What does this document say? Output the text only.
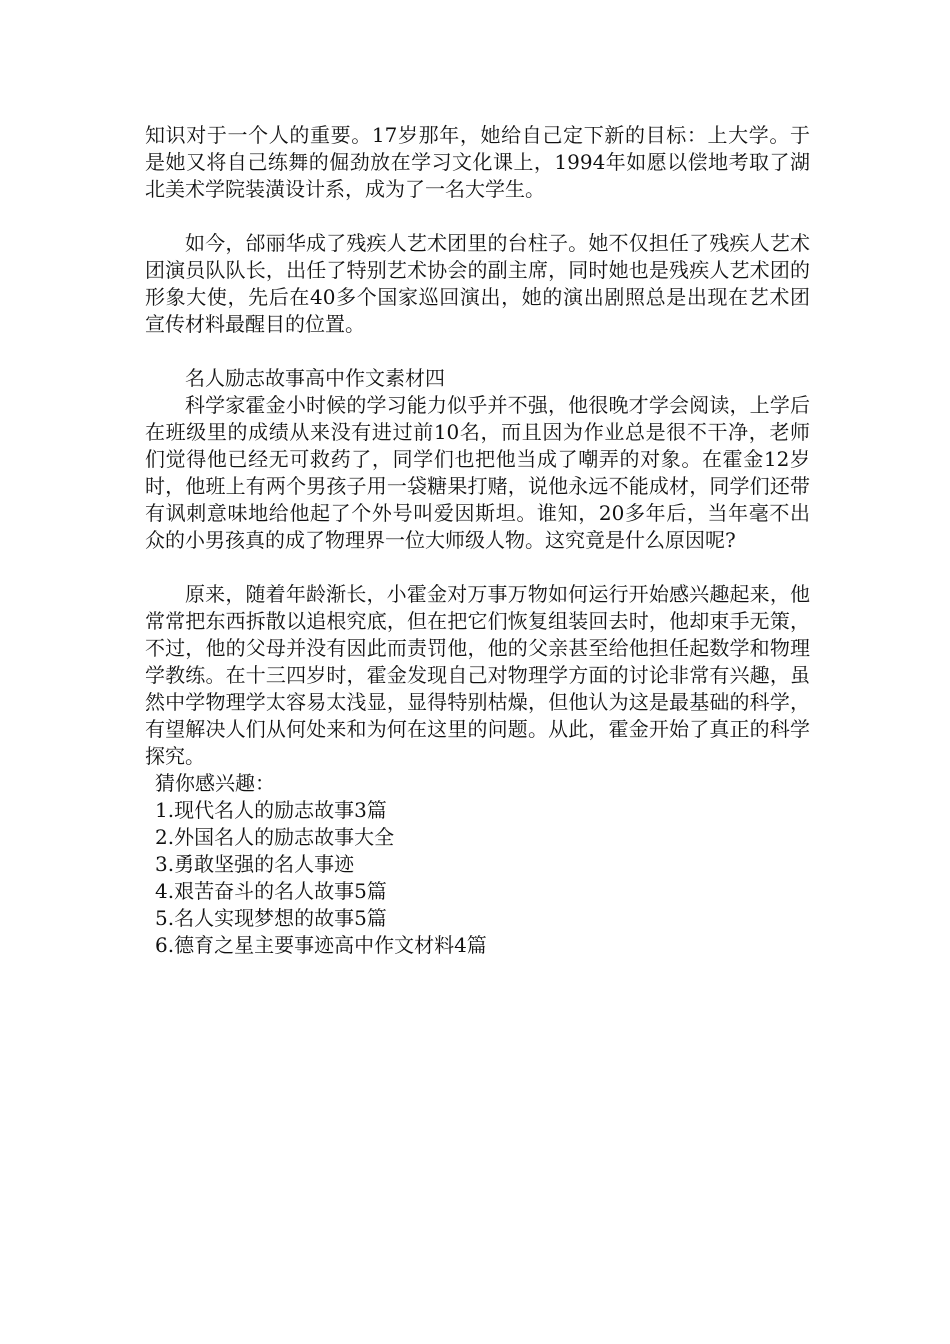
知识对于一个人的重要。17岁那年，她给自己定下新的目标：上大学。于是她又将自己练舞的倔劲放在学习文化课上，1994年如愿以偿地考取了湖北美术学院装潢设计系，成为了一名大学生。

如今，邰丽华成了残疾人艺术团里的台柱子。她不仅担任了残疾人艺术团演员队队长，出任了特别艺术协会的副主席，同时她也是残疾人艺术团的形象大使，先后在40多个国家巡回演出，她的演出剧照总是出现在艺术团宣传材料最醒目的位置。

名人励志故事高中作文素材四

科学家霍金小时候的学习能力似乎并不强，他很晚才学会阅读，上学后在班级里的成绩从来没有进过前10名，而且因为作业总是很不干净，老师们觉得他已经无可救药了，同学们也把他当成了嘲弄的对象。在霍金12岁时，他班上有两个男孩子用一袋糖果打赌，说他永远不能成材，同学们还带有讽刺意味地给他起了个外号叫爱因斯坦。谁知，20多年后，当年毫不出众的小男孩真的成了物理界一位大师级人物。这究竟是什么原因呢?

原来，随着年龄渐长，小霍金对万事万物如何运行开始感兴趣起来，他常常把东西拆散以追根究底，但在把它们恢复组装回去时，他却束手无策，不过，他的父母并没有因此而责罚他，他的父亲甚至给他担任起数学和物理学教练。在十三四岁时，霍金发现自己对物理学方面的讨论非常有兴趣，虽然中学物理学太容易太浅显，显得特别枯燥，但他认为这是最基础的科学，有望解决人们从何处来和为何在这里的问题。从此，霍金开始了真正的科学探究。

猜你感兴趣：

1.现代名人的励志故事3篇
2.外国名人的励志故事大全
3.勇敢坚强的名人事迹
4.艰苦奋斗的名人故事5篇
5.名人实现梦想的故事5篇
6.德育之星主要事迹高中作文材料4篇
